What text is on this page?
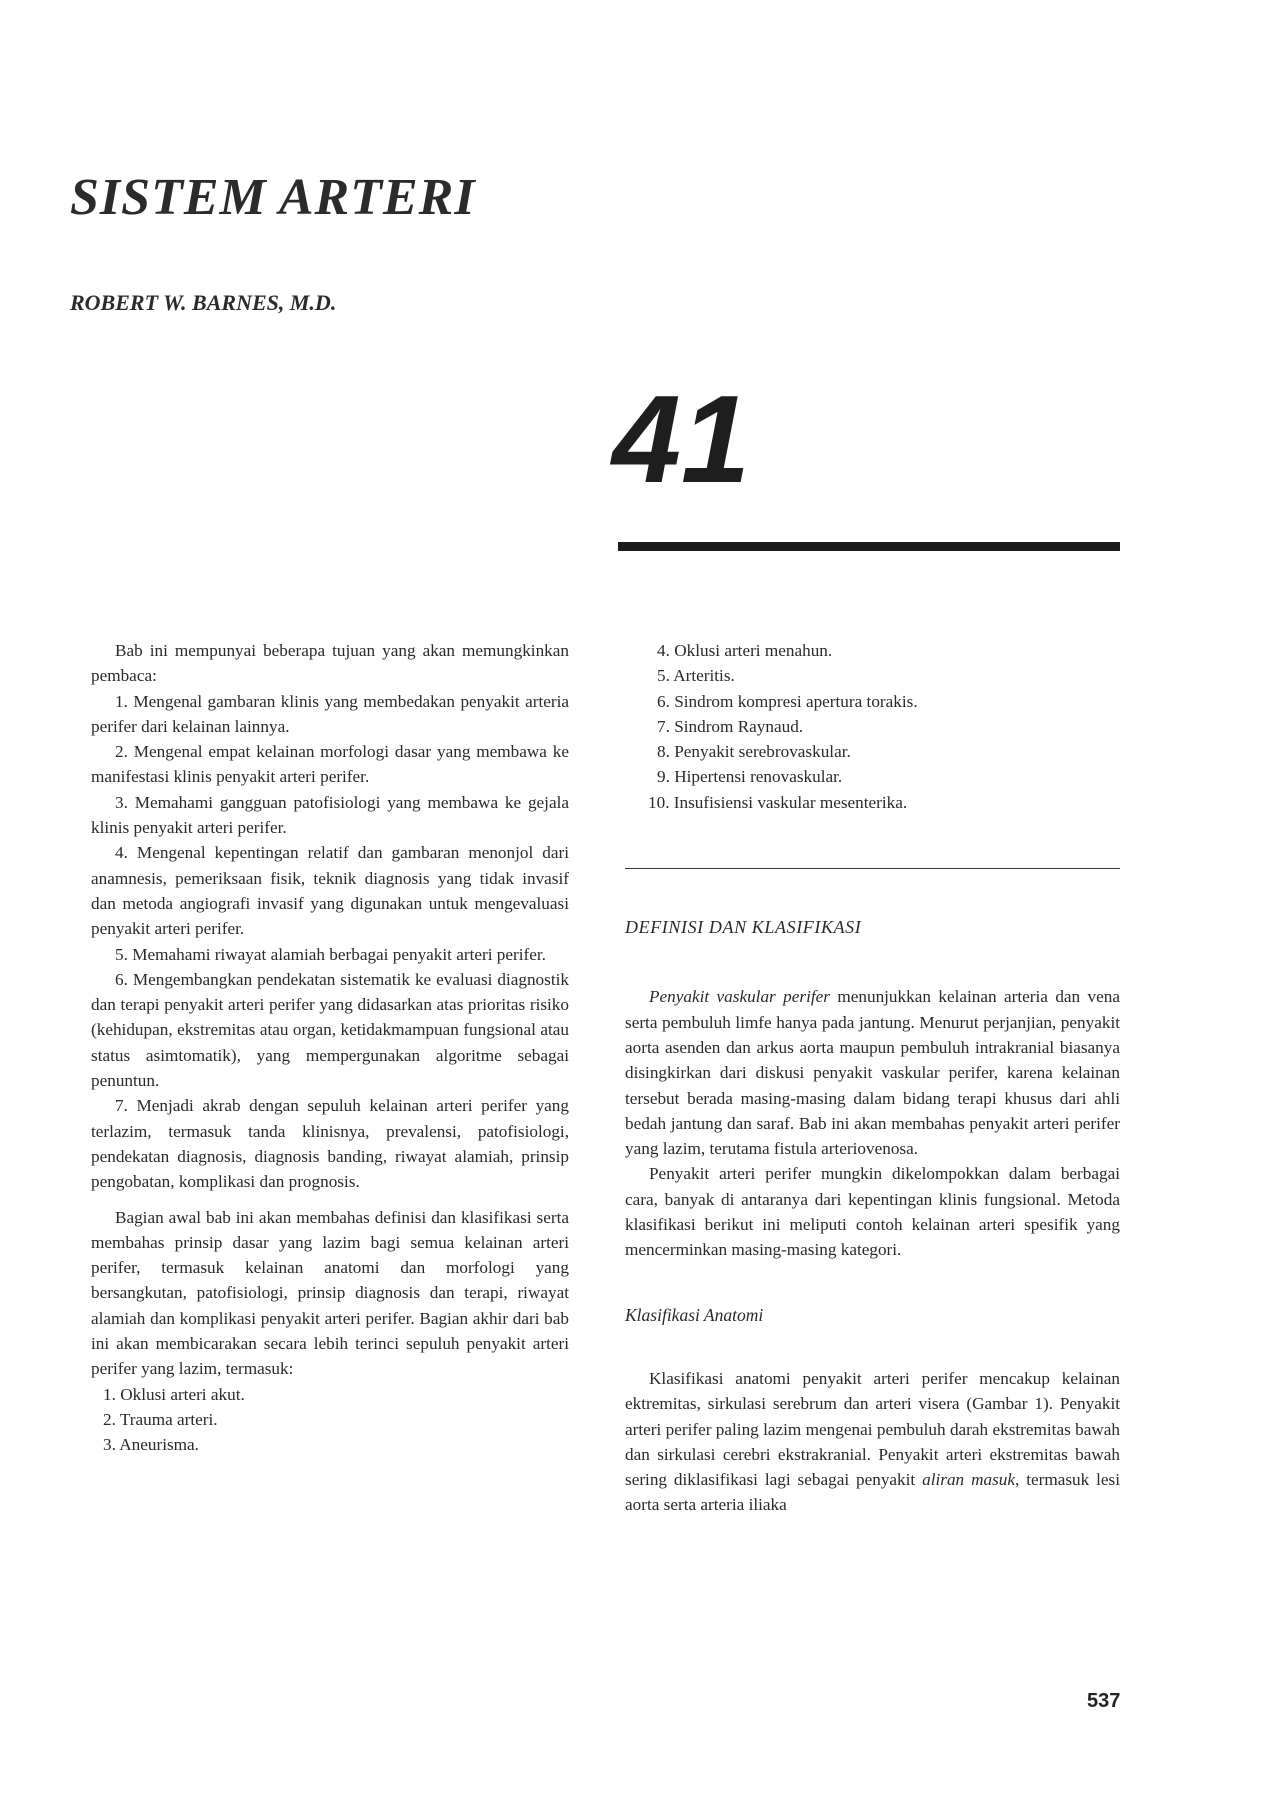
SISTEM ARTERI
ROBERT W. BARNES, M.D.
41

Bab ini mempunyai beberapa tujuan yang akan memungkinkan pembaca:

1. Mengenal gambaran klinis yang membedakan penyakit arteria perifer dari kelainan lainnya.

2. Mengenal empat kelainan morfologi dasar yang membawa ke manifestasi klinis penyakit arteri perifer.

3. Memahami gangguan patofisiologi yang membawa ke gejala klinis penyakit arteri perifer.

4. Mengenal kepentingan relatif dan gambaran menonjol dari anamnesis, pemeriksaan fisik, teknik diagnosis yang tidak invasif dan metoda angiografi invasif yang digunakan untuk mengevaluasi penyakit arteri perifer.

5. Memahami riwayat alamiah berbagai penyakit arteri perifer.

6. Mengembangkan pendekatan sistematik ke evaluasi diagnostik dan terapi penyakit arteri perifer yang didasarkan atas prioritas risiko (kehidupan, ekstremitas atau organ, ketidakmampuan fungsional atau status asimtomatik), yang mempergunakan algoritme sebagai penuntun.

7. Menjadi akrab dengan sepuluh kelainan arteri perifer yang terlazim, termasuk tanda klinisnya, prevalensi, patofisiologi, pendekatan diagnosis, diagnosis banding, riwayat alamiah, prinsip pengobatan, komplikasi dan prognosis.

Bagian awal bab ini akan membahas definisi dan klasifikasi serta membahas prinsip dasar yang lazim bagi semua kelainan arteri perifer, termasuk kelainan anatomi dan morfologi yang bersangkutan, patofisiologi, prinsip diagnosis dan terapi, riwayat alamiah dan komplikasi penyakit arteri perifer. Bagian akhir dari bab ini akan membicarakan secara lebih terinci sepuluh penyakit arteri perifer yang lazim, termasuk:

1. Oklusi arteri akut.
2. Trauma arteri.
3. Aneurisma.
4. Oklusi arteri menahun.
5. Arteritis.
6. Sindrom kompresi apertura torakis.
7. Sindrom Raynaud.
8. Penyakit serebrovaskular.
9. Hipertensi renovaskular.
10. Insufisiensi vaskular mesenterika.
DEFINISI DAN KLASIFIKASI

Penyakit vaskular perifer menunjukkan kelainan arteria dan vena serta pembuluh limfe hanya pada jantung. Menurut perjanjian, penyakit aorta asenden dan arkus aorta maupun pembuluh intrakranial biasanya disingkirkan dari diskusi penyakit vaskular perifer, karena kelainan tersebut berada masing-masing dalam bidang terapi khusus dari ahli bedah jantung dan saraf. Bab ini akan membahas penyakit arteri perifer yang lazim, terutama fistula arteriovenosa.

Penyakit arteri perifer mungkin dikelompokkan dalam berbagai cara, banyak di antaranya dari kepentingan klinis fungsional. Metoda klasifikasi berikut ini meliputi contoh kelainan arteri spesifik yang mencerminkan masing-masing kategori.

Klasifikasi Anatomi

Klasifikasi anatomi penyakit arteri perifer mencakup kelainan ektremitas, sirkulasi serebrum dan arteri visera (Gambar 1). Penyakit arteri perifer paling lazim mengenai pembuluh darah ekstremitas bawah dan sirkulasi cerebri ekstrakranial. Penyakit arteri ekstremitas bawah sering diklasifikasi lagi sebagai penyakit aliran masuk, termasuk lesi aorta serta arteria iliaka

537
